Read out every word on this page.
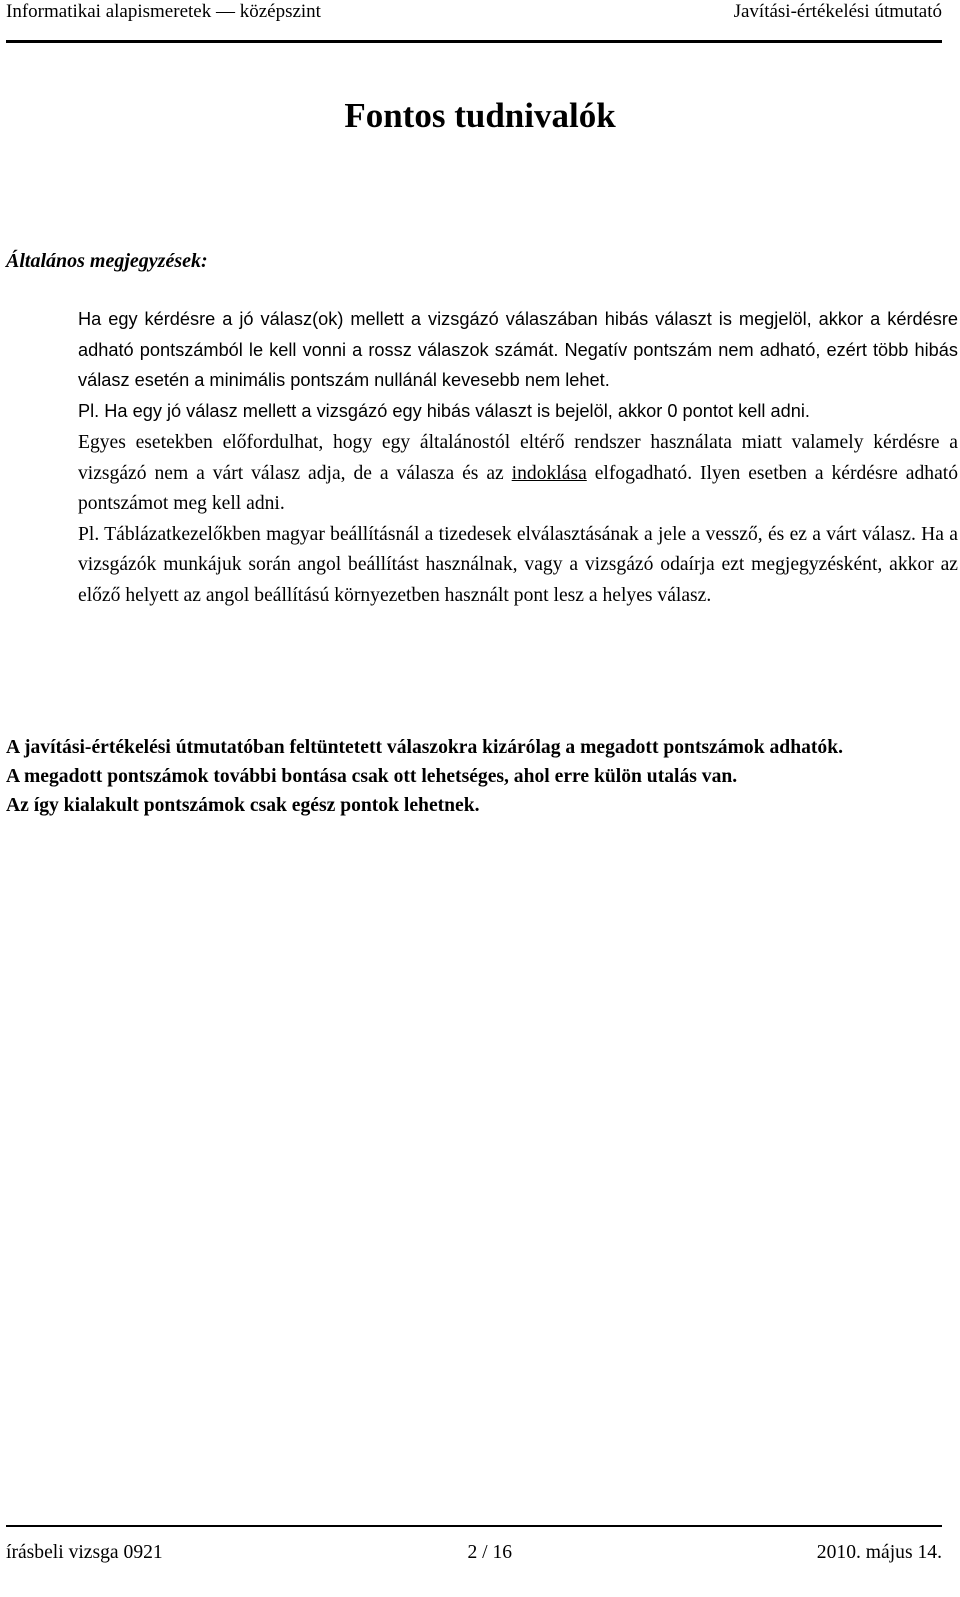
Informatikai alapismeretek — középszint	Javítási-értékelési útmutató
Fontos tudnivalók
Általános megjegyzések:

Ha egy kérdésre a jó válasz(ok) mellett a vizsgázó válaszában hibás választ is megjelöl, akkor a kérdésre adható pontszámból le kell vonni a rossz válaszok számát. Negatív pontszám nem adható, ezért több hibás válasz esetén a minimális pontszám nullánál kevesebb nem lehet.

Pl. Ha egy jó válasz mellett a vizsgázó egy hibás választ is bejelöl, akkor 0 pontot kell adni.

Egyes esetekben előfordulhat, hogy egy általánostól eltérő rendszer használata miatt valamely kérdésre a vizsgázó nem a várt válasz adja, de a válasza és az indoklása elfogadható. Ilyen esetben a kérdésre adható pontszámot meg kell adni.

Pl. Táblázatkezelőkben magyar beállításnál a tizedesek elválasztásának a jele a vessző, és ez a várt válasz. Ha a vizsgázók munkájuk során angol beállítást használnak, vagy a vizsgázó odaírja ezt megjegyzésként, akkor az előző helyett az angol beállítású környezetben használt pont lesz a helyes válasz.

A javítási-értékelési útmutatóban feltüntetett válaszokra kizárólag a megadott pontszámok adhatók.

A megadott pontszámok további bontása csak ott lehetséges, ahol erre külön utalás van.

Az így kialakult pontszámok csak egész pontok lehetnek.

írásbeli vizsga 0921	2 / 16	2010. május 14.
